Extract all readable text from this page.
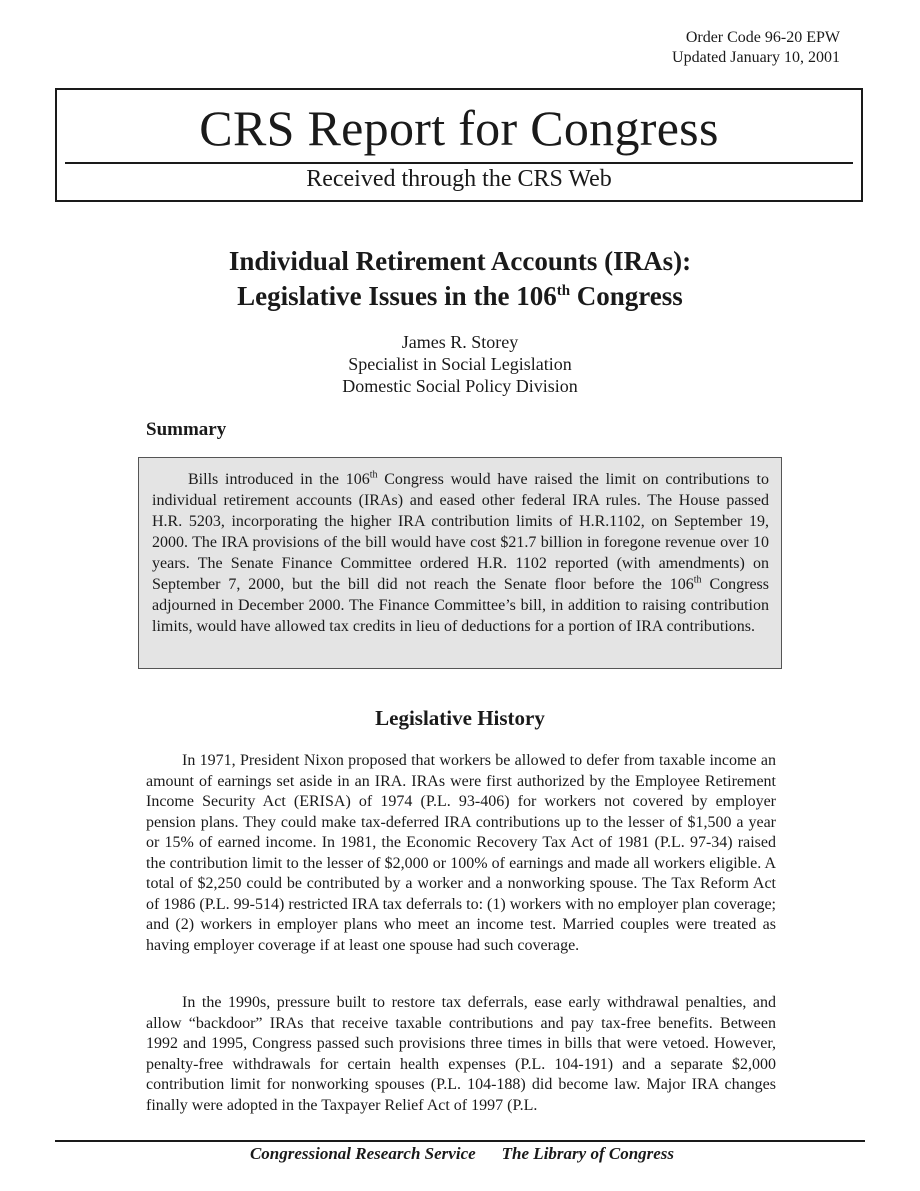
Order Code 96-20 EPW
Updated January 10, 2001
CRS Report for Congress
Received through the CRS Web
Individual Retirement Accounts (IRAs):
Legislative Issues in the 106th Congress
James R. Storey
Specialist in Social Legislation
Domestic Social Policy Division
Summary
Bills introduced in the 106th Congress would have raised the limit on contributions to individual retirement accounts (IRAs) and eased other federal IRA rules. The House passed H.R. 5203, incorporating the higher IRA contribution limits of H.R.1102, on September 19, 2000. The IRA provisions of the bill would have cost $21.7 billion in foregone revenue over 10 years. The Senate Finance Committee ordered H.R. 1102 reported (with amendments) on September 7, 2000, but the bill did not reach the Senate floor before the 106th Congress adjourned in December 2000. The Finance Committee’s bill, in addition to raising contribution limits, would have allowed tax credits in lieu of deductions for a portion of IRA contributions.
Legislative History

In 1971, President Nixon proposed that workers be allowed to defer from taxable income an amount of earnings set aside in an IRA. IRAs were first authorized by the Employee Retirement Income Security Act (ERISA) of 1974 (P.L. 93-406) for workers not covered by employer pension plans. They could make tax-deferred IRA contributions up to the lesser of $1,500 a year or 15% of earned income. In 1981, the Economic Recovery Tax Act of 1981 (P.L. 97-34) raised the contribution limit to the lesser of $2,000 or 100% of earnings and made all workers eligible. A total of $2,250 could be contributed by a worker and a nonworking spouse. The Tax Reform Act of 1986 (P.L. 99-514) restricted IRA tax deferrals to: (1) workers with no employer plan coverage; and (2) workers in employer plans who meet an income test. Married couples were treated as having employer coverage if at least one spouse had such coverage.

In the 1990s, pressure built to restore tax deferrals, ease early withdrawal penalties, and allow “backdoor” IRAs that receive taxable contributions and pay tax-free benefits. Between 1992 and 1995, Congress passed such provisions three times in bills that were vetoed. However, penalty-free withdrawals for certain health expenses (P.L. 104-191) and a separate $2,000 contribution limit for nonworking spouses (P.L. 104-188) did become law. Major IRA changes finally were adopted in the Taxpayer Relief Act of 1997 (P.L.

Congressional Research Service The Library of Congress
